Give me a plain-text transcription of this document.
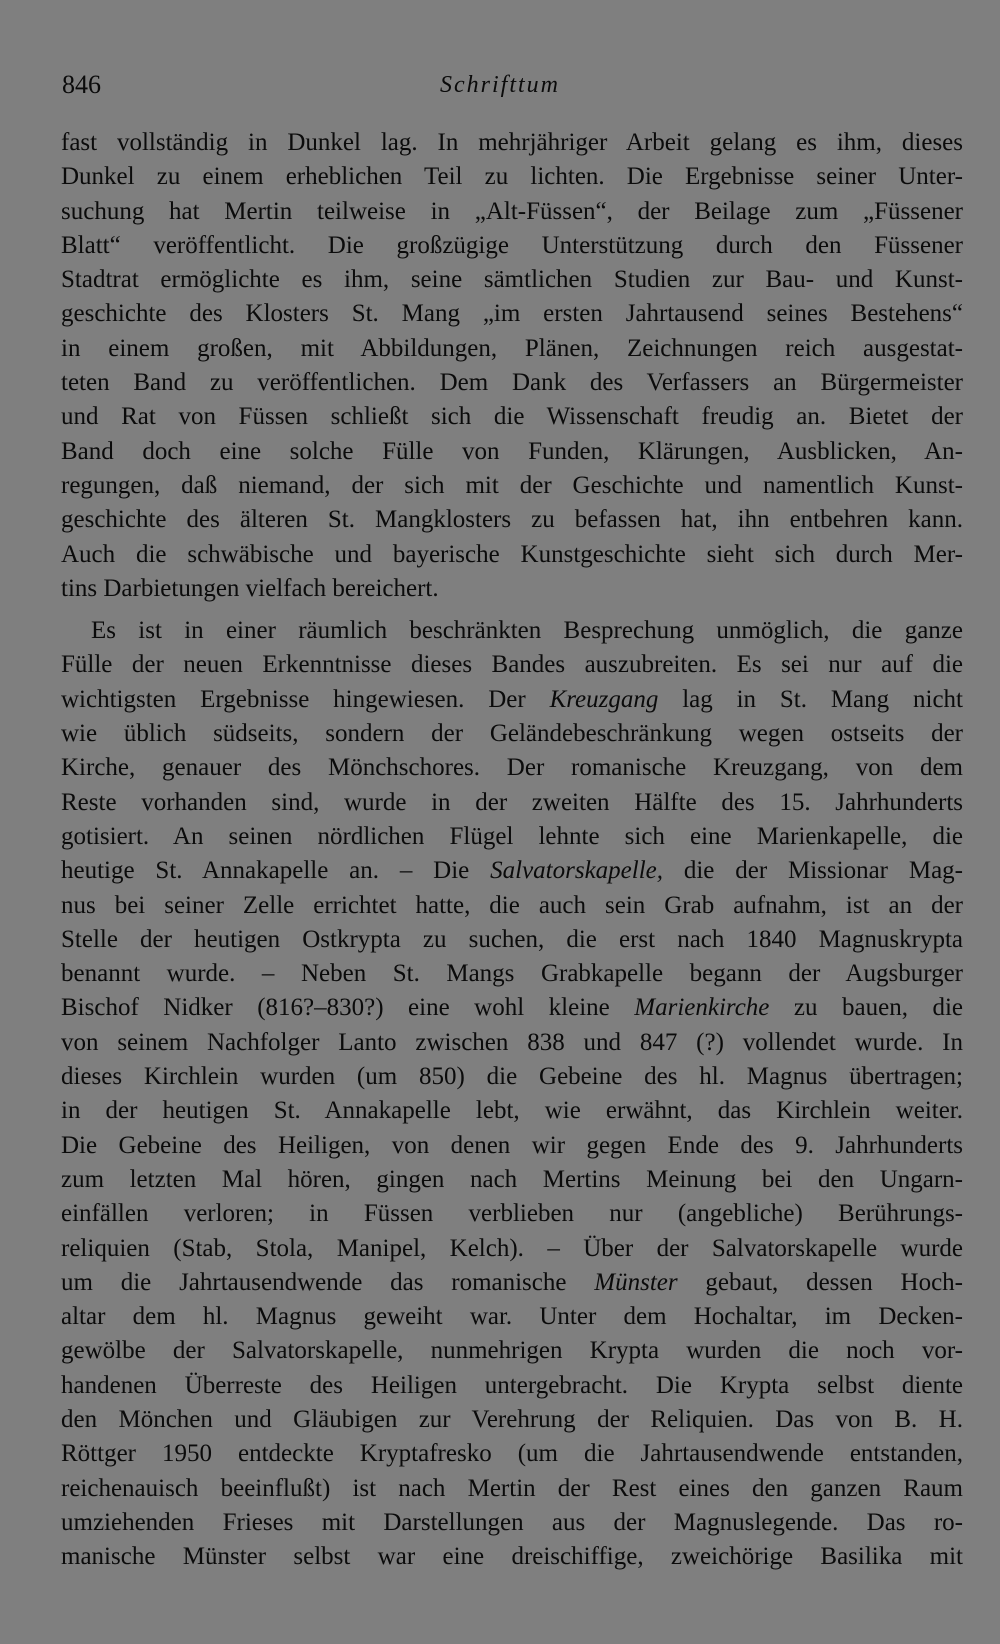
846	Schrifttum
fast vollständig in Dunkel lag. In mehrjähriger Arbeit gelang es ihm, dieses
Dunkel zu einem erheblichen Teil zu lichten. Die Ergebnisse seiner Unter-
suchung hat Mertin teilweise in „Alt-Füssen“, der Beilage zum „Füssener
Blatt“ veröffentlicht. Die großzügige Unterstützung durch den Füssener
Stadtrat ermöglichte es ihm, seine sämtlichen Studien zur Bau- und Kunst-
geschichte des Klosters St. Mang „im ersten Jahrtausend seines Bestehens“
in einem großen, mit Abbildungen, Plänen, Zeichnungen reich ausgestat-
teten Band zu veröffentlichen. Dem Dank des Verfassers an Bürgermeister
und Rat von Füssen schließt sich die Wissenschaft freudig an. Bietet der
Band doch eine solche Fülle von Funden, Klärungen, Ausblicken, An-
regungen, daß niemand, der sich mit der Geschichte und namentlich Kunst-
geschichte des älteren St. Mangklosters zu befassen hat, ihn entbehren kann.
Auch die schwäbische und bayerische Kunstgeschichte sieht sich durch Mer-
tins Darbietungen vielfach bereichert.
Es ist in einer räumlich beschränkten Besprechung unmöglich, die ganze
Fülle der neuen Erkenntnisse dieses Bandes auszubreiten. Es sei nur auf die
wichtigsten Ergebnisse hingewiesen. Der Kreuzgang lag in St. Mang nicht
wie üblich südseits, sondern der Geländebeschränkung wegen ostseits der
Kirche, genauer des Mönchschores. Der romanische Kreuzgang, von dem
Reste vorhanden sind, wurde in der zweiten Hälfte des 15. Jahrhunderts
gotisiert. An seinen nördlichen Flügel lehnte sich eine Marienkapelle, die
heutige St. Annakapelle an. – Die Salvatorskapelle, die der Missionar Mag-
nus bei seiner Zelle errichtet hatte, die auch sein Grab aufnahm, ist an der
Stelle der heutigen Ostkrypta zu suchen, die erst nach 1840 Magnuskrypta
benannt wurde. – Neben St. Mangs Grabkapelle begann der Augsburger
Bischof Nidker (816?–830?) eine wohl kleine Marienkirche zu bauen, die
von seinem Nachfolger Lanto zwischen 838 und 847 (?) vollendet wurde. In
dieses Kirchlein wurden (um 850) die Gebeine des hl. Magnus übertragen;
in der heutigen St. Annakapelle lebt, wie erwähnt, das Kirchlein weiter.
Die Gebeine des Heiligen, von denen wir gegen Ende des 9. Jahrhunderts
zum letzten Mal hören, gingen nach Mertins Meinung bei den Ungarn-
einfällen verloren; in Füssen verblieben nur (angebliche) Berührungs-
reliquien (Stab, Stola, Manipel, Kelch). – Über der Salvatorskapelle wurde
um die Jahrtausendwende das romanische Münster gebaut, dessen Hoch-
altar dem hl. Magnus geweiht war. Unter dem Hochaltar, im Decken-
gewölbe der Salvatorskapelle, nunmehrigen Krypta wurden die noch vor-
handenen Überreste des Heiligen untergebracht. Die Krypta selbst diente
den Mönchen und Gläubigen zur Verehrung der Reliquien. Das von B. H.
Röttger 1950 entdeckte Kryptafresko (um die Jahrtausendwende entstanden,
reichenauisch beeinflußt) ist nach Mertin der Rest eines den ganzen Raum
umziehenden Frieses mit Darstellungen aus der Magnuslegende. Das ro-
manische Münster selbst war eine dreischiffige, zweichörige Basilika mit
